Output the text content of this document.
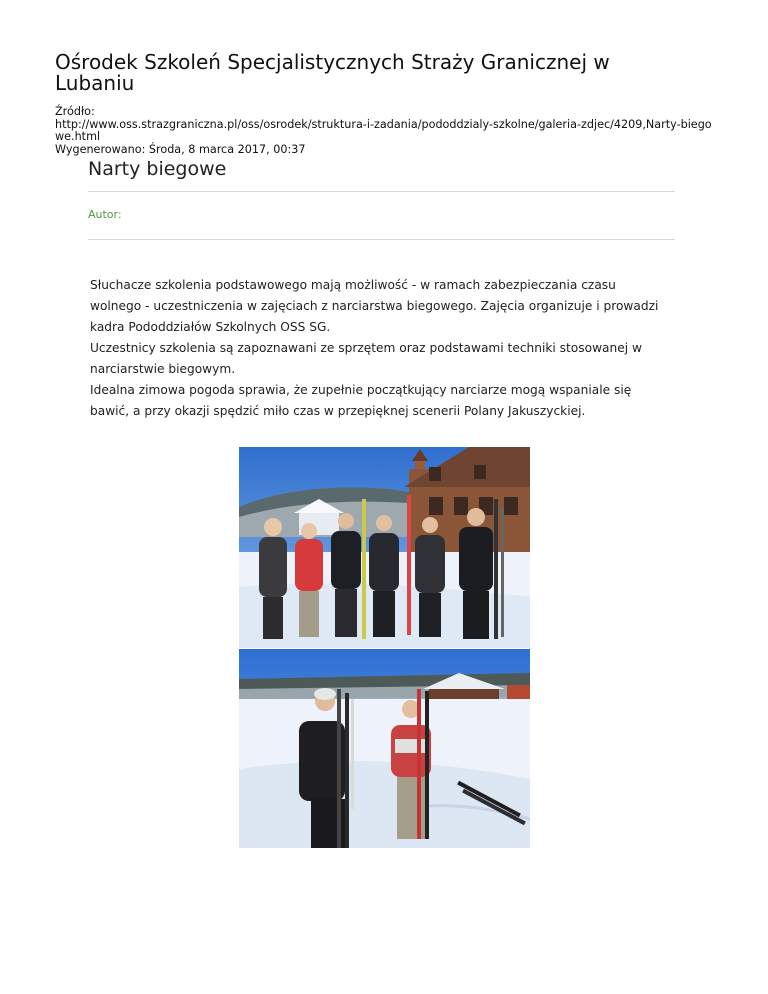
Ośrodek Szkoleń Specjalistycznych Straży Granicznej w Lubaniu
Źródło:
http://www.oss.strazgraniczna.pl/oss/osrodek/struktura-i-zadania/pododdzialy-szkolne/galeria-zdjec/4209,Narty-biegowe.html
Wygenerowano: Środa, 8 marca 2017, 00:37
Narty biegowe
Autor:

Słuchacze szkolenia podstawowego mają możliwość - w ramach zabezpieczania czasu wolnego - uczestniczenia w zajęciach z narciarstwa biegowego. Zajęcia organizuje i prowadzi kadra Pododdziałów Szkolnych OSS SG.

Uczestnicy szkolenia są zapoznawani ze sprzętem oraz podstawami techniki stosowanej w narciarstwie biegowym.

Idealna zimowa pogoda sprawia, że zupełnie początkujący narciarze mogą wspaniale się bawić, a przy okazji spędzić miło czas w przepięknej scenerii Polany Jakuszyckiej.
